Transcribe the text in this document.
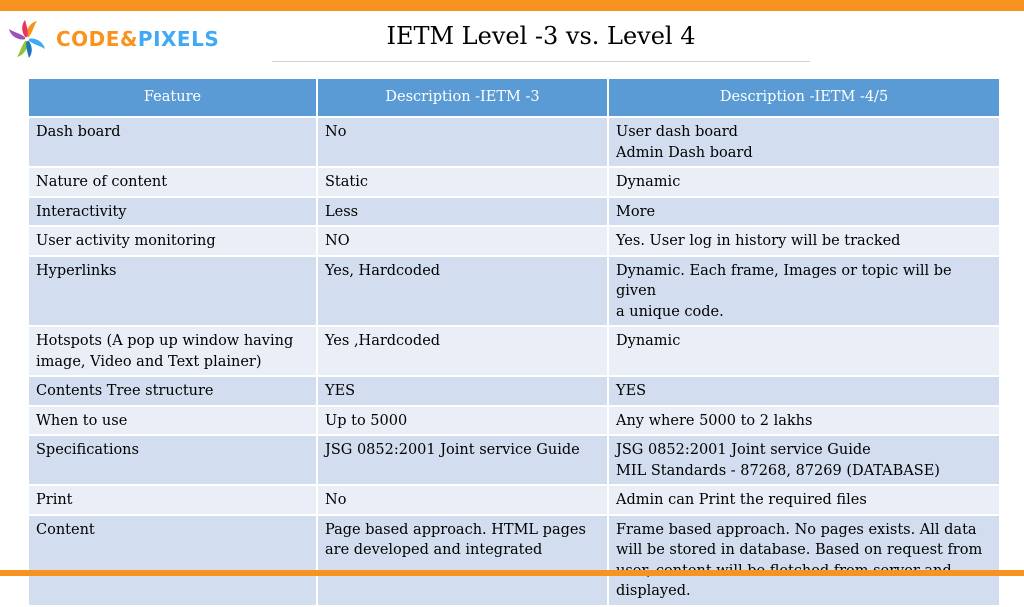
CODE&PIXELS	IETM Level -3 vs. Level 4
Feature	Description -IETM -3	Description -IETM -4/5

Dash board	No	User dash board
Admin Dash board

Nature of content	Static	Dynamic

Interactivity	Less	More

User activity monitoring	NO	Yes. User log in history will be tracked

Hyperlinks	Yes, Hardcoded	Dynamic. Each frame, Images or topic will be given
a unique code.

Hotspots (A pop up window having
image, Video and Text plainer)	Yes ,Hardcoded	Dynamic

Contents Tree structure	YES	YES

When to use	Up to 5000	Any where 5000 to 2 lakhs

Specifications	JSG 0852:2001 Joint service Guide	JSG 0852:2001 Joint service Guide
MIL Standards - 87268, 87269 (DATABASE)

Print	No	Admin can Print the required files

Content	Page based approach. HTML pages
are developed and integrated	Frame based approach. No pages exists. All data
will be stored in database. Based on request from
displayed.
